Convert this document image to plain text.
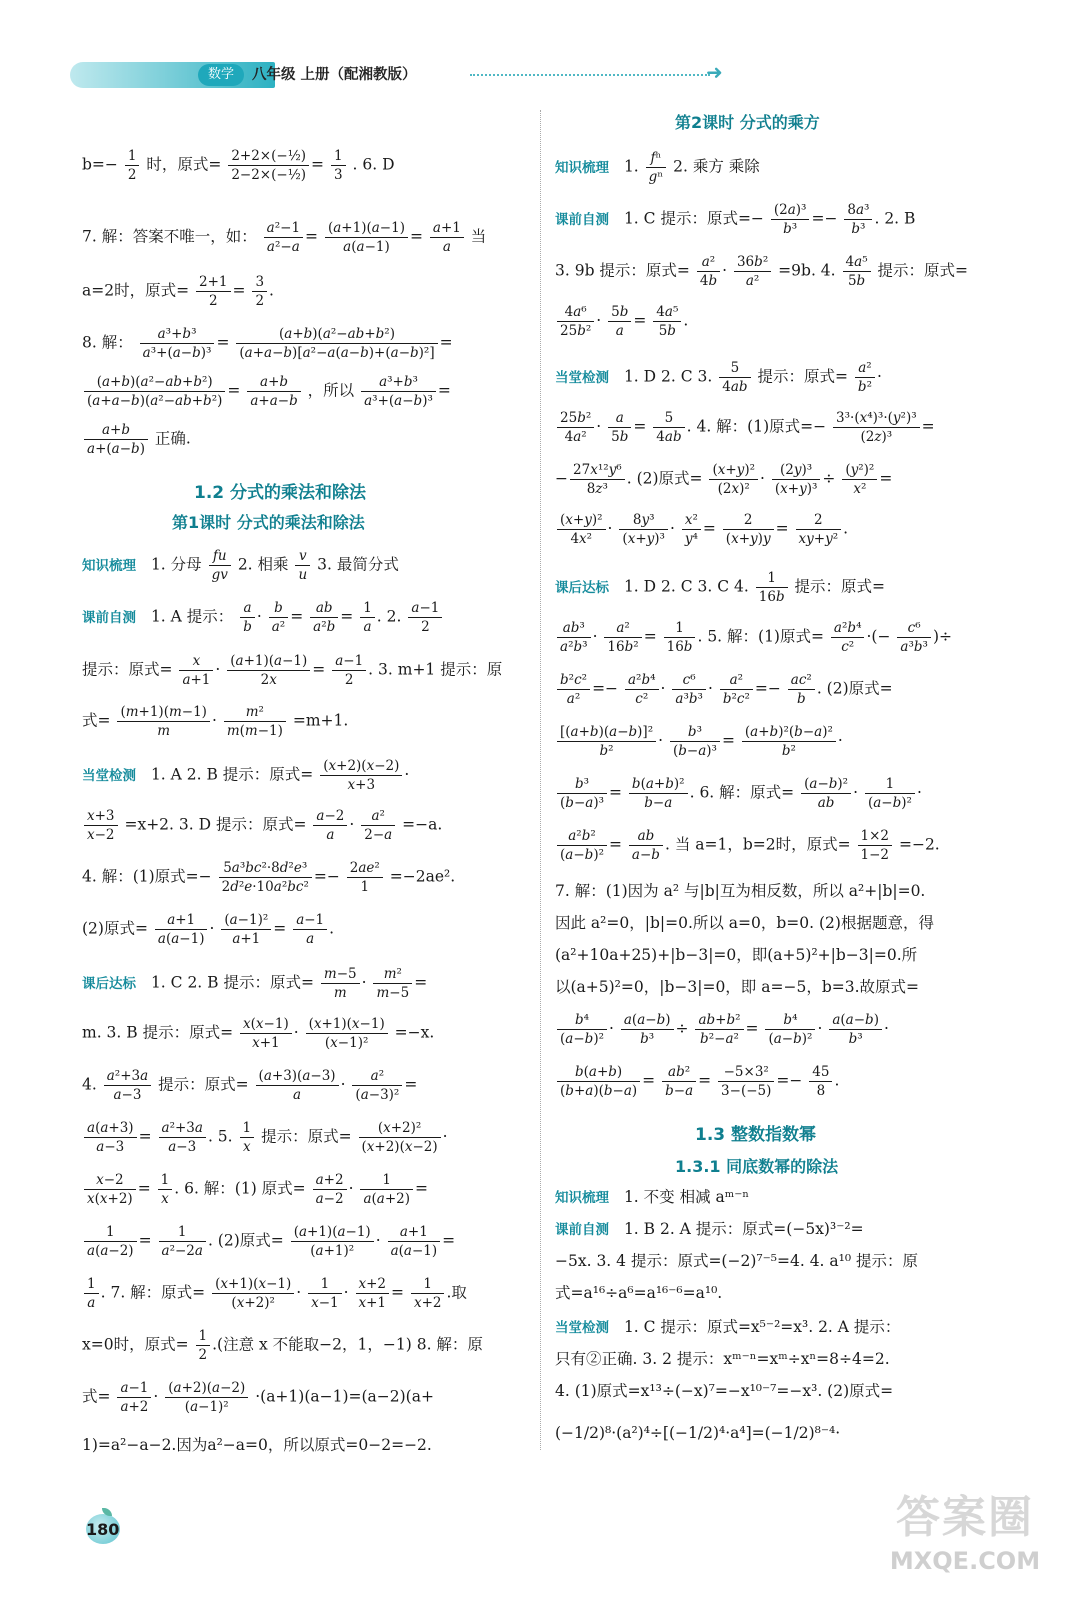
数学	八年级 上册（配湘教版）	➜
$b=- \frac{1}{2}$ 时，原式= $\frac{\text{2+2×(−½)}}{\text{2−2×(−½)}} = \frac{1}{3}$ . 6. D
7. 解：答案不唯一，如： $\frac{\text{a²−1}}{\text{a²−a}} = \frac{(a+1)(a-1)}{a(a-1)} = \frac{a+1}{a}$ 当
a=2时，原式= $\frac{2+1}{2} = \frac{3}{2}$ .
8. 解： $\frac{\text{a³+b³}}{\text{a³+(a−b)³}} = \frac{\text{(a+b)(a²−ab+b²)}}{\text{(a+a−b)[a²−a(a−b)+(a−b)²]}}$ =
$\frac{\text{(a+b)(a²−ab+b²)}}{\text{(a+a−b)(a²−ab+b²)}} = \frac{a+b}{a+a-b}$ ，所以 $\frac{\text{a³+b³}}{\text{a³+(a−b)³}}$ =
$\frac{a+b}{a+(a-b)}$ 正确.
1.2 分式的乘法和除法
第1课时 分式的乘法和除法
知识梳理 1. 分母 $\frac{fu}{gv} 2$. 相乘 $\frac{v}{u} 3$. 最简分式
课前自测 1. A 提示： $\frac{a}{b} \cdot \frac{b}{\text{a²}} = \frac{ab}{\text{a²b}} = \frac{1}{a}$ . 2. $\frac{a-1}{2}$
提示：原式= $\frac{x}{a+1} \cdot \frac{(a+1)(a-1)}{2x} = \frac{a-1}{2}$ . 3. m+1 提示：原
式= $\frac{(m+1)(m-1)}{m} \cdot \frac{\text{m²}}{m(m-1)} =m+1$.
当堂检测 1. A 2. B 提示：原式= $\frac{(x+2)(x-2)}{x+3}$ ·
$\frac{x+3}{x-2} =x+2$. 3. D 提示：原式= $\frac{a-2}{a} \cdot \frac{\text{a²}}{2-a} =-a$.
4. 解：(1)原式=− $\frac{\text{5a³bc²·8d²e³}}{\text{2d²e·10a²bc²}} =- \frac{\text{2ae²}}{1} =-2ae^2$.
(2)原式= $\frac{a+1}{a(a-1)} \cdot \frac{\text{(a−1)²}}{a+1} = \frac{a-1}{a}$ .
课后达标 1. C 2. B 提示：原式= $\frac{m-5}{m} \cdot \frac{\text{m²}}{m-5}$ =
m. 3. B 提示：原式= $\frac{x(x-1)}{x+1} \cdot \frac{(x+1)(x-1)}{\text{(x−1)²}} =-x$.
4. $\frac{\text{a²+3a}}{a-3}$ 提示：原式= $\frac{(a+3)(a-3)}{a} \cdot \frac{\text{a²}}{\text{(a−3)²}}$ =
$\frac{a(a+3)}{a-3} = \frac{\text{a²+3a}}{a-3}$ . 5. $\frac{1}{x}$ 提示：原式= $\frac{\text{(x+2)²}}{(x+2)(x-2)}$ ·
$\frac{x-2}{x(x+2)} = \frac{1}{x}$ . 6. 解：(1) 原式= $\frac{a+2}{a-2} \cdot \frac{1}{a(a+2)}$ =
$\frac{1}{a(a-2)} = \frac{1}{\text{a²−2a}}$ . (2)原式= $\frac{(a+1)(a-1)}{\text{(a+1)²}} \cdot \frac{a+1}{a(a-1)}$ =
$\frac{1}{a}$ . 7. 解：原式= $\frac{(x+1)(x-1)}{\text{(x+2)²}} \cdot \frac{1}{x-1} \cdot \frac{x+2}{x+1} = \frac{1}{x+2}$ .取
x=0时，原式= $\frac{1}{2}$ .(注意 x 不能取−2，1，−1) 8. 解：原
式= $\frac{a-1}{a+2} \cdot \frac{(a+2)(a-2)}{\text{(a−1)²}} \cdot(a+1)(a-1)=(a-2)(a+$
1)=a²−a−2.因为a²−a=0，所以原式=0−2=−2.
第2课时 分式的乘方
知识梳理 1. $\frac{\text{fⁿ}}{\text{gⁿ}} 2$. 乘方 乘除
课前自测 1. C 提示：原式=− $\frac{\text{(2a)³}}{\text{b³}} =- \frac{\text{8a³}}{\text{b³}}$ . 2. B
3. 9b 提示：原式= $\frac{\text{a²}}{4b} \cdot \frac{\text{36b²}}{\text{a²}} =9b$. 4. $\frac{\text{4a⁵}}{5b}$ 提示：原式=
$\frac{\text{4a⁶}}{\text{25b²}} \cdot \frac{5b}{a} = \frac{\text{4a⁵}}{5b}$ .
当堂检测 1. D 2. C 3. $\frac{5}{4ab}$ 提示：原式= $\frac{\text{a²}}{\text{b²}}$ ·
$\frac{\text{25b²}}{\text{4a²}} \cdot \frac{a}{5b} = \frac{5}{4ab}$ . 4. 解：(1)原式=− $\frac{\text{3³·(x⁴)³·(y²)³}}{\text{(2z)³}}$ =
− $\frac{\text{27x¹²y⁶}}{\text{8z³}}$ . (2)原式= $\frac{\text{(x+y)²}}{\text{(2x)²}} \cdot \frac{\text{(2y)³}}{\text{(x+y)³}} \div \frac{\text{(y²)²}}{\text{x²}}$ =
$\frac{\text{(x+y)²}}{\text{4x²}} \cdot \frac{\text{8y³}}{\text{(x+y)³}} \cdot \frac{\text{x²}}{\text{y⁴}} = \frac{2}{(x+y)y} = \frac{2}{\text{xy+y²}}$ .
课后达标 1. D 2. C 3. C 4. $\frac{1}{16b}$ 提示：原式=
$\frac{\text{ab³}}{\text{a²b³}} \cdot \frac{\text{a²}}{\text{16b²}} = \frac{1}{16b}$ . 5. 解：(1)原式= $\frac{\text{a²b⁴}}{\text{c²}}$ ·(− $\frac{\text{c⁶}}{\text{a³b³}}$ )÷
$\frac{\text{b²c²}}{\text{a²}} =- \frac{\text{a²b⁴}}{\text{c²}} \cdot \frac{\text{c⁶}}{\text{a³b³}} \cdot \frac{\text{a²}}{\text{b²c²}} =- \frac{\text{ac²}}{b}$ . (2)原式=
$\frac{\text{[(a+b)(a−b)]²}}{\text{b²}} \cdot \frac{\text{b³}}{\text{(b−a)³}} = \frac{\text{(a+b)²(b−a)²}}{\text{b²}}$ ·
$\frac{\text{b³}}{\text{(b−a)³}} = \frac{\text{b(a+b)²}}{b-a}$ . 6. 解：原式= $\frac{\text{(a−b)²}}{ab} \cdot \frac{1}{\text{(a−b)²}}$ ·
$\frac{\text{a²b²}}{\text{(a−b)²}} = \frac{ab}{a-b}$ . 当 a=1，b=2时，原式= $\frac{1\times 2}{1-2} =-2$.
7. 解：(1)因为 a² 与|b|互为相反数，所以 a²+|b|=0.
因此 a²=0，|b|=0.所以 a=0，b=0. (2)根据题意，得
(a²+10a+25)+|b−3|=0，即(a+5)²+|b−3|=0.所
以(a+5)²=0，|b−3|=0，即 a=−5，b=3.故原式=
$\frac{\text{b⁴}}{\text{(a−b)²}} \cdot \frac{a(a-b)}{\text{b³}} \div \frac{\text{ab+b²}}{\text{b²−a²}} = \frac{\text{b⁴}}{\text{(a−b)²}} \cdot \frac{a(a-b)}{\text{b³}}$ ·
$\frac{b(a+b)}{(b+a)(b-a)} = \frac{\text{ab²}}{b-a} = \frac{\text{−5×3²}}{3-(-5)} =- \frac{45}{8}$ .
1.3 整数指数幂
1.3.1 同底数幂的除法
知识梳理 1. 不变 相减 aᵐ⁻ⁿ
课前自测 1. B 2. A 提示：原式=(−5x)³⁻²=
−5x. 3. 4 提示：原式=(−2)⁷⁻⁵=4. 4. a¹⁰ 提示：原
式=a¹⁶÷a⁶=a¹⁶⁻⁶=a¹⁰.
当堂检测 1. C 提示：原式=x⁵⁻²=x³. 2. A 提示：
只有②正确. 3. 2 提示：xᵐ⁻ⁿ=xᵐ÷xⁿ=8÷4=2.
4. (1)原式=x¹³÷(−x)⁷=−x¹⁰⁻⁷=−x³. (2)原式=
(−1/2)⁸·(a²)⁴÷[(−1/2)⁴·a⁴]=(−1/2)⁸⁻⁴·
180	答案圈
MXQE.COM
